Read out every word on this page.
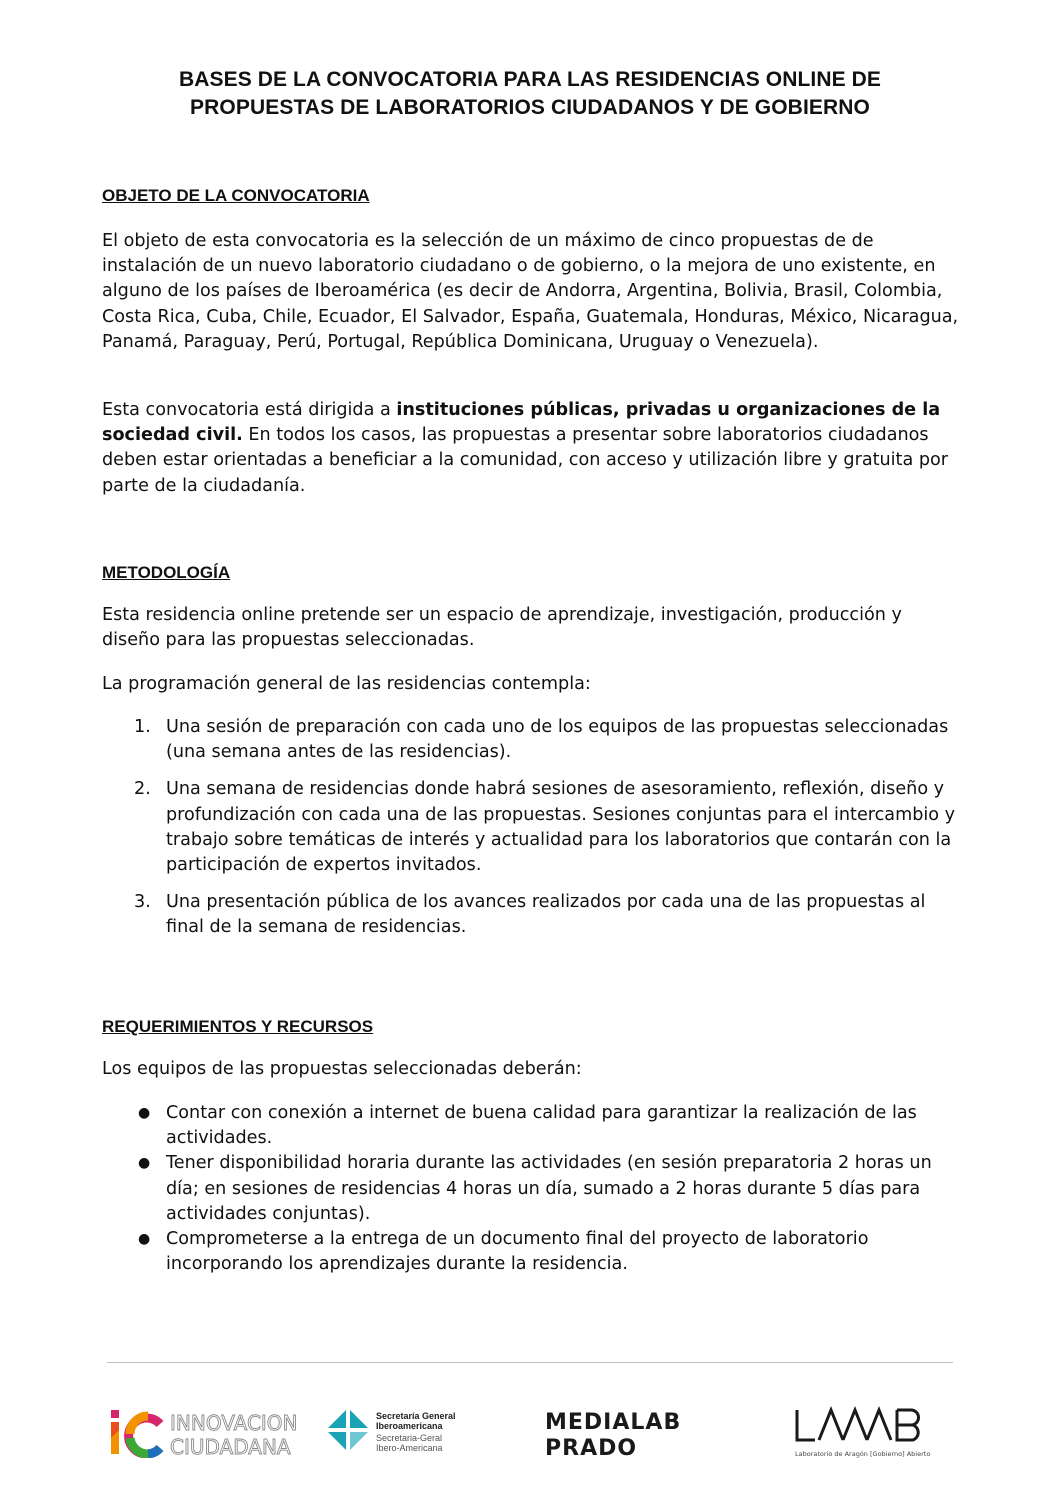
BASES DE LA CONVOCATORIA PARA LAS RESIDENCIAS ONLINE DE
PROPUESTAS DE LABORATORIOS CIUDADANOS Y DE GOBIERNO
OBJETO DE LA CONVOCATORIA

El objeto de esta convocatoria es la selección de un máximo de cinco propuestas de de instalación de un nuevo laboratorio ciudadano o de gobierno, o la mejora de uno existente, en alguno de los países de Iberoamérica (es decir de Andorra, Argentina, Bolivia, Brasil, Colombia, Costa Rica, Cuba, Chile, Ecuador, El Salvador, España, Guatemala, Honduras, México, Nicaragua, Panamá, Paraguay, Perú, Portugal, República Dominicana, Uruguay o Venezuela).

Esta convocatoria está dirigida a instituciones públicas, privadas u organizaciones de la sociedad civil. En todos los casos, las propuestas a presentar sobre laboratorios ciudadanos deben estar orientadas a beneficiar a la comunidad, con acceso y utilización libre y gratuita por parte de la ciudadanía.

METODOLOGÍA

Esta residencia online pretende ser un espacio de aprendizaje, investigación, producción y diseño para las propuestas seleccionadas.

La programación general de las residencias contempla:

1. Una sesión de preparación con cada uno de los equipos de las propuestas seleccionadas (una semana antes de las residencias).
2. Una semana de residencias donde habrá sesiones de asesoramiento, reflexión, diseño y profundización con cada una de las propuestas. Sesiones conjuntas para el intercambio y trabajo sobre temáticas de interés y actualidad para los laboratorios que contarán con la participación de expertos invitados.
3. Una presentación pública de los avances realizados por cada una de las propuestas al final de la semana de residencias.
REQUERIMIENTOS Y RECURSOS

Los equipos de las propuestas seleccionadas deberán:

● Contar con conexión a internet de buena calidad para garantizar la realización de las actividades.
● Tener disponibilidad horaria durante las actividades (en sesión preparatoria 2 horas un día; en sesiones de residencias 4 horas un día, sumado a 2 horas durante 5 días para actividades conjuntas).
● Comprometerse a la entrega de un documento final del proyecto de laboratorio incorporando los aprendizajes durante la residencia.
INNOVACION
CIUDADANA
Secretaría General
Iberoamericana
Secretaria-Geral
Ibero-Americana
MEDIALAB
PRADO	Laboratorio de Aragón [Gobierno] Abierto
